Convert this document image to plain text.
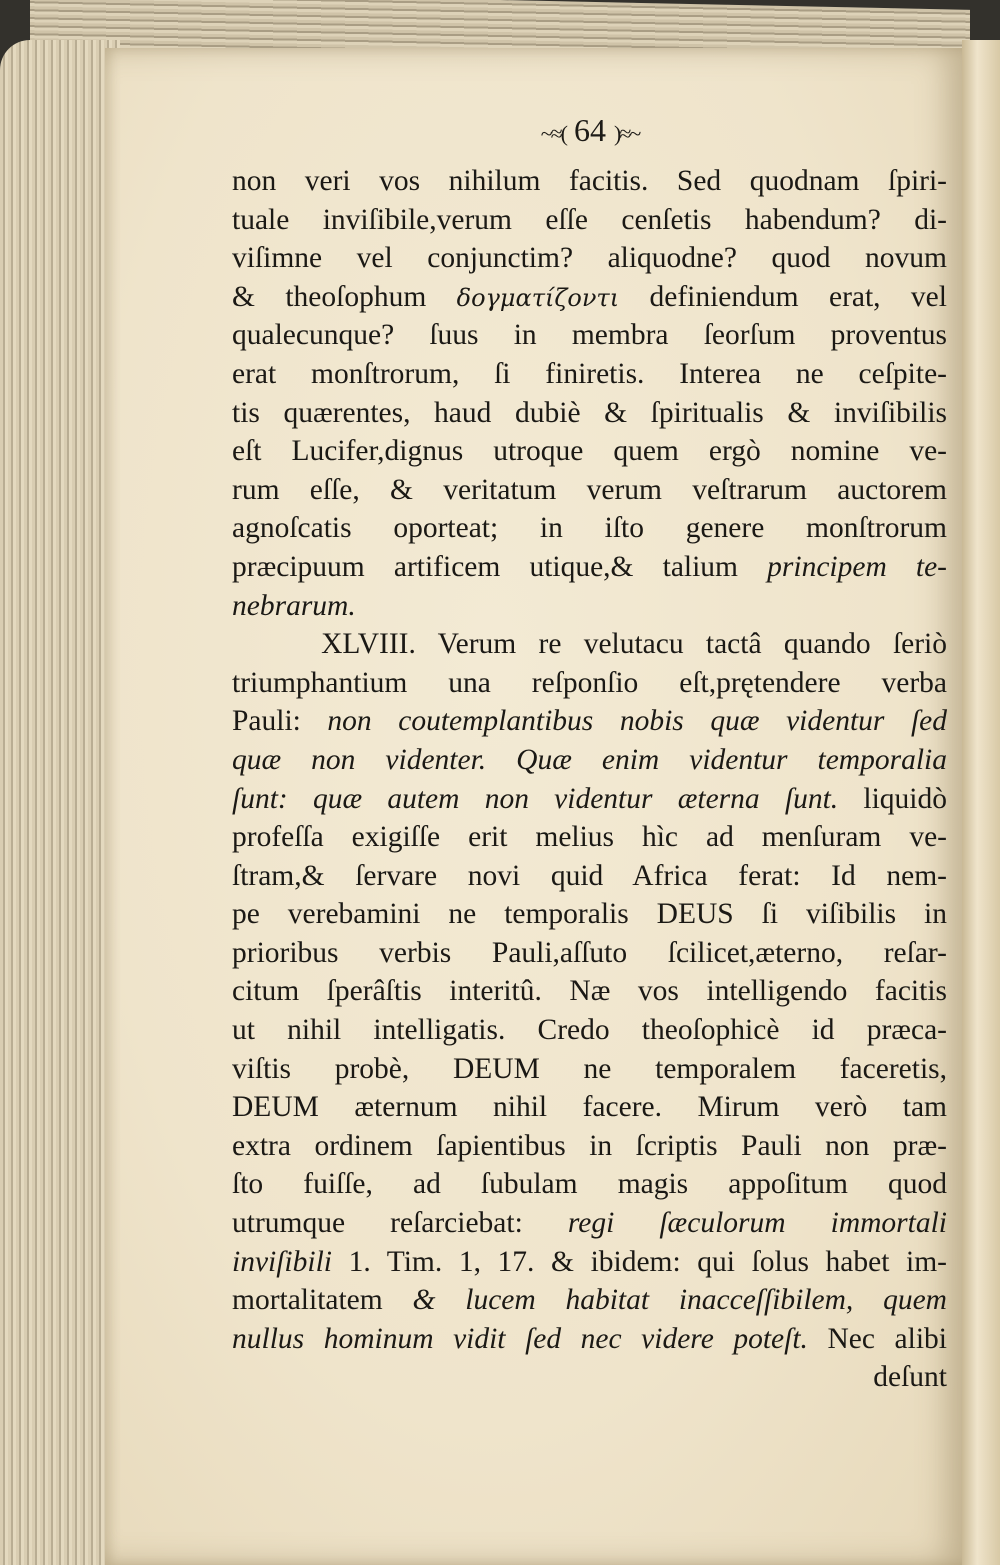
~≈( 64 )≈~
non veri vos nihilum facitis. Sed quodnam ſpiri-
tuale inviſibile,verum eſſe cenſetis habendum? di-
viſimne vel conjunctim? aliquodne? quod novum
& theoſophum δογματίζοντι definiendum erat, vel
qualecunque? ſuus in membra ſeorſum proventus
erat monſtrorum, ſi finiretis. Interea ne ceſpite-
tis quærentes, haud dubiè & ſpiritualis & inviſibilis
eſt Lucifer,dignus utroque quem ergò nomine ve-
rum eſſe, & veritatum verum veſtrarum auctorem
agnoſcatis oporteat; in iſto genere monſtrorum
præcipuum artificem utique,& talium principem te-
nebrarum.
XLVIII. Verum re velutacu tactâ quando ſeriò
triumphantium una reſponſio eſt,prętendere verba
Pauli: non coutemplantibus nobis quæ videntur ſed
quæ non videnter. Quæ enim videntur temporalia
ſunt: quæ autem non videntur æterna ſunt. liquidò
profeſſa exigiſſe erit melius hìc ad menſuram ve-
ſtram,& ſervare novi quid Africa ferat: Id nem-
pe verebamini ne temporalis DEUS ſi viſibilis in
prioribus verbis Pauli,aſſuto ſcilicet,æterno, reſar-
citum ſperâſtis interitû. Næ vos intelligendo facitis
ut nihil intelligatis. Credo theoſophicè id præca-
viſtis probè, DEUM ne temporalem faceretis,
DEUM æternum nihil facere. Mirum verò tam
extra ordinem ſapientibus in ſcriptis Pauli non præ-
ſto fuiſſe, ad ſubulam magis appoſitum quod
utrumque reſarciebat: regi ſæculorum immortali
inviſibili 1. Tim. 1, 17. & ibidem: qui ſolus habet im-
mortalitatem & lucem habitat inacceſſibilem, quem
nullus hominum vidit ſed nec videre poteſt. Nec alibi
deſunt
